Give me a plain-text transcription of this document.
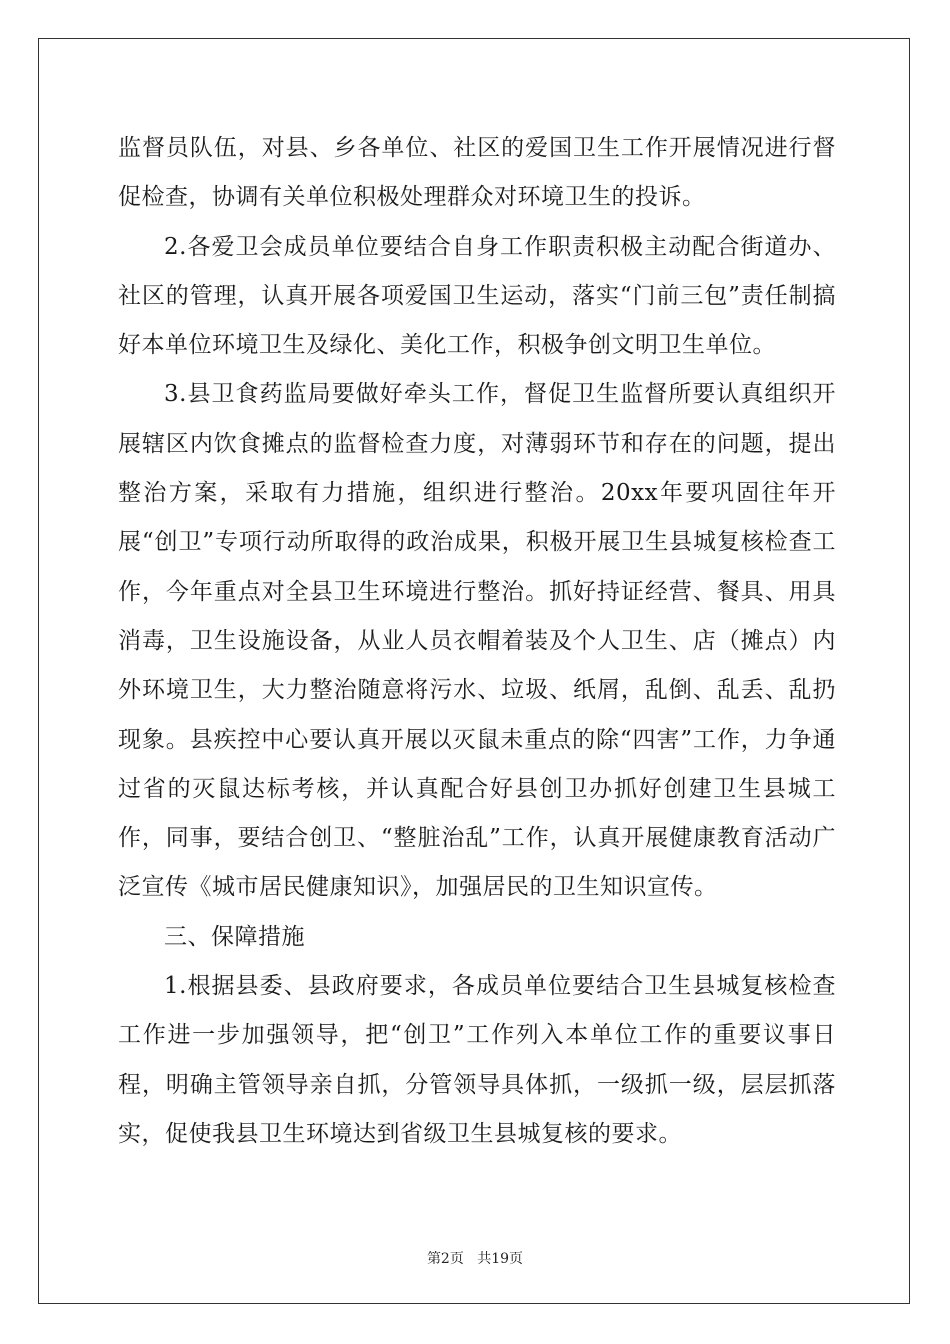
监督员队伍，对县、乡各单位、社区的爱国卫生工作开展情况进行督促检查，协调有关单位积极处理群众对环境卫生的投诉。

2.各爱卫会成员单位要结合自身工作职责积极主动配合街道办、社区的管理，认真开展各项爱国卫生运动，落实“门前三包”责任制搞好本单位环境卫生及绿化、美化工作，积极争创文明卫生单位。

3.县卫食药监局要做好牵头工作，督促卫生监督所要认真组织开展辖区内饮食摊点的监督检查力度，对薄弱环节和存在的问题，提出整治方案，采取有力措施，组织进行整治。20xx年要巩固往年开展“创卫”专项行动所取得的政治成果，积极开展卫生县城复核检查工作，今年重点对全县卫生环境进行整治。抓好持证经营、餐具、用具消毒，卫生设施设备，从业人员衣帽着装及个人卫生、店（摊点）内外环境卫生，大力整治随意将污水、垃圾、纸屑，乱倒、乱丢、乱扔现象。县疾控中心要认真开展以灭鼠未重点的除“四害”工作，力争通过省的灭鼠达标考核，并认真配合好县创卫办抓好创建卫生县城工作，同事，要结合创卫、“整脏治乱”工作，认真开展健康教育活动广泛宣传《城市居民健康知识》，加强居民的卫生知识宣传。

三、保障措施

1.根据县委、县政府要求，各成员单位要结合卫生县城复核检查工作进一步加强领导，把“创卫”工作列入本单位工作的重要议事日程，明确主管领导亲自抓，分管领导具体抓，一级抓一级，层层抓落实，促使我县卫生环境达到省级卫生县城复核的要求。

第2页 共19页
